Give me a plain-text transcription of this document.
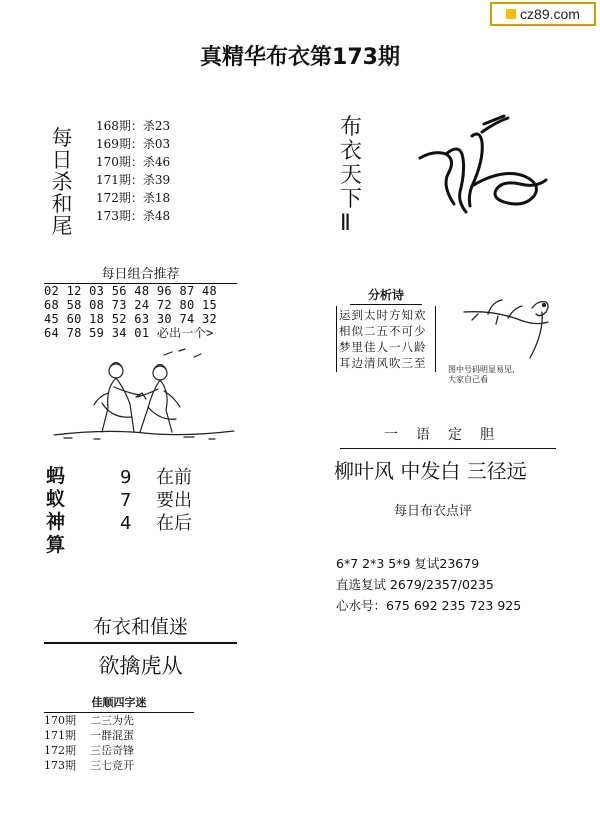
cz89.com
真精华布衣第173期
每
日
杀
和
尾
168期：杀23
169期：杀03
170期：杀46
171期：杀39
172期：杀18
173期：杀48
每日组合推荐
02 12 03 56 48 96 87 48
68 58 08 73 24 72 80 15
45 60 18 52 63 30 74 32
64 78 59 34 01 必出一个>
蚂
蚁
神
算
9 在前
7 要出
4 在后
布衣和值迷
欲擒虎从
佳顺四字迷
170期 二三为先
171期 一群混蛋
172期 三岳奇锋
173期 三七竞开
布
衣
天
下
Ⅱ
分析诗
运到太时方知欢
相似二五不可少
梦里佳人一八龄
耳边清风吹三至	图中号码明显易见，
大家自己看
一语定胆
柳叶风 中发白 三径远
每日布衣点评
6*7 2*3 5*9 复试23679
直选复试 2679/2357/0235
心水号：675 692 235 723 925
